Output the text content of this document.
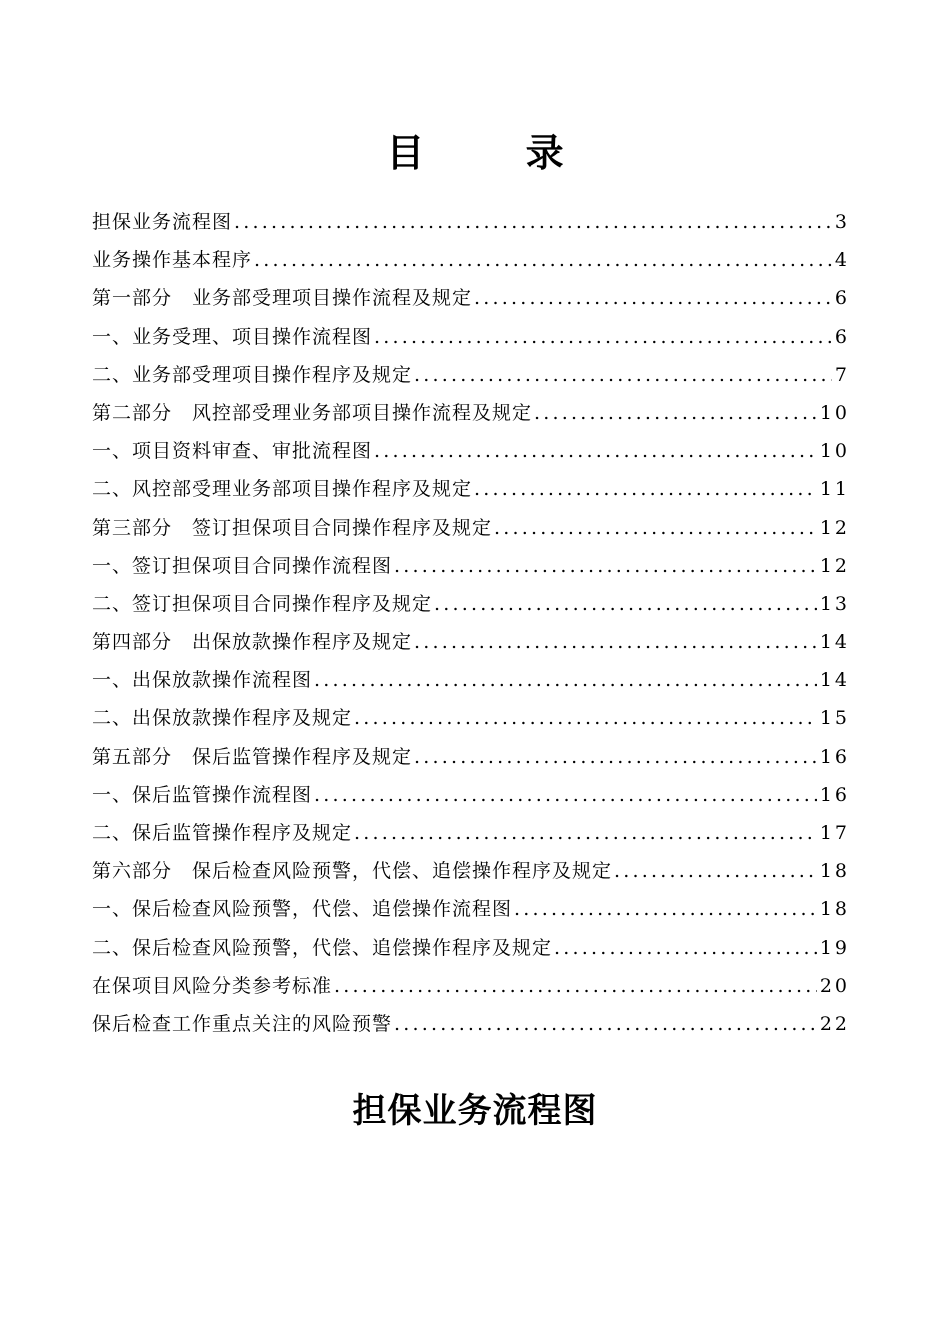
目 录
担保业务流程图 .....	3
业务操作基本程序 .....	4
第一部分　业务部受理项目操作流程及规定 .....	6
一、业务受理、项目操作流程图 .....	6
二、业务部受理项目操作程序及规定 .....	7
第二部分　风控部受理业务部项目操作流程及规定 .....	10
一、项目资料审查、审批流程图 .....	10
二、风控部受理业务部项目操作程序及规定 .....	11
第三部分　签订担保项目合同操作程序及规定 .....	12
一、签订担保项目合同操作流程图 .....	12
二、签订担保项目合同操作程序及规定 .....	13
第四部分　出保放款操作程序及规定 .....	14
一、出保放款操作流程图 .....	14
二、出保放款操作程序及规定 .....	15
第五部分　保后监管操作程序及规定 .....	16
一、保后监管操作流程图 .....	16
二、保后监管操作程序及规定 .....	17
第六部分　保后检查风险预警，代偿、追偿操作程序及规定 .....	18
一、保后检查风险预警，代偿、追偿操作流程图 .....	18
二、保后检查风险预警，代偿、追偿操作程序及规定 .....	19
在保项目风险分类参考标准 .....	20
保后检查工作重点关注的风险预警 .....	22
担保业务流程图
